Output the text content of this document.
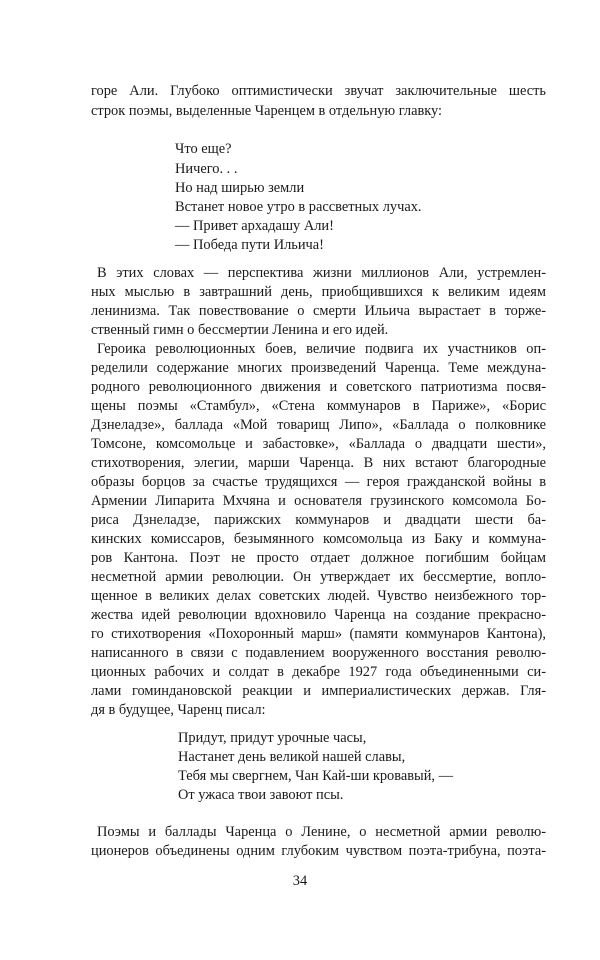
горе Али. Глубоко оптимистически звучат заключительные шесть
строк поэмы, выделенные Чаренцем в отдельную главку:
Что еще?
Ничего. . .
Но над ширью земли
Встанет новое утро в рассветных лучах.
— Привет архадашу Али!
— Победа пути Ильича!
В этих словах — перспектива жизни миллионов Али, устремлен-
ных мыслью в завтрашний день, приобщившихся к великим идеям
ленинизма. Так повествование о смерти Ильича вырастает в торже-
ственный гимн о бессмертии Ленина и его идей.
Героика революционных боев, величие подвига их участников оп-
ределили содержание многих произведений Чаренца. Теме междуна-
родного революционного движения и советского патриотизма посвя-
щены поэмы «Стамбул», «Стена коммунаров в Париже», «Борис
Дзнеладзе», баллада «Мой товарищ Липо», «Баллада о полковнике
Томсоне, комсомольце и забастовке», «Баллада о двадцати шести»,
стихотворения, элегии, марши Чаренца. В них встают благородные
образы борцов за счастье трудящихся — героя гражданской войны в
Армении Липарита Мхчяна и основателя грузинского комсомола Бо-
риса Дзнеладзе, парижских коммунаров и двадцати шести ба-
кинских комиссаров, безымянного комсомольца из Баку и коммуна-
ров Кантона. Поэт не просто отдает должное погибшим бойцам
несметной армии революции. Он утверждает их бессмертие, вопло-
щенное в великих делах советских людей. Чувство неизбежного тор-
жества идей революции вдохновило Чаренца на создание прекрасно-
го стихотворения «Похоронный марш» (памяти коммунаров Кантона),
написанного в связи с подавлением вооруженного восстания револю-
ционных рабочих и солдат в декабре 1927 года объединенными си-
лами гоминдановской реакции и империалистических держав. Гля-
дя в будущее, Чаренц писал:
Придут, придут урочные часы,
Настанет день великой нашей славы,
Тебя мы свергнем, Чан Кай-ши кровавый, —
От ужаса твои завоют псы.
Поэмы и баллады Чаренца о Ленине, о несметной армии револю-
ционеров объединены одним глубоким чувством поэта-трибуна, поэта-
34
